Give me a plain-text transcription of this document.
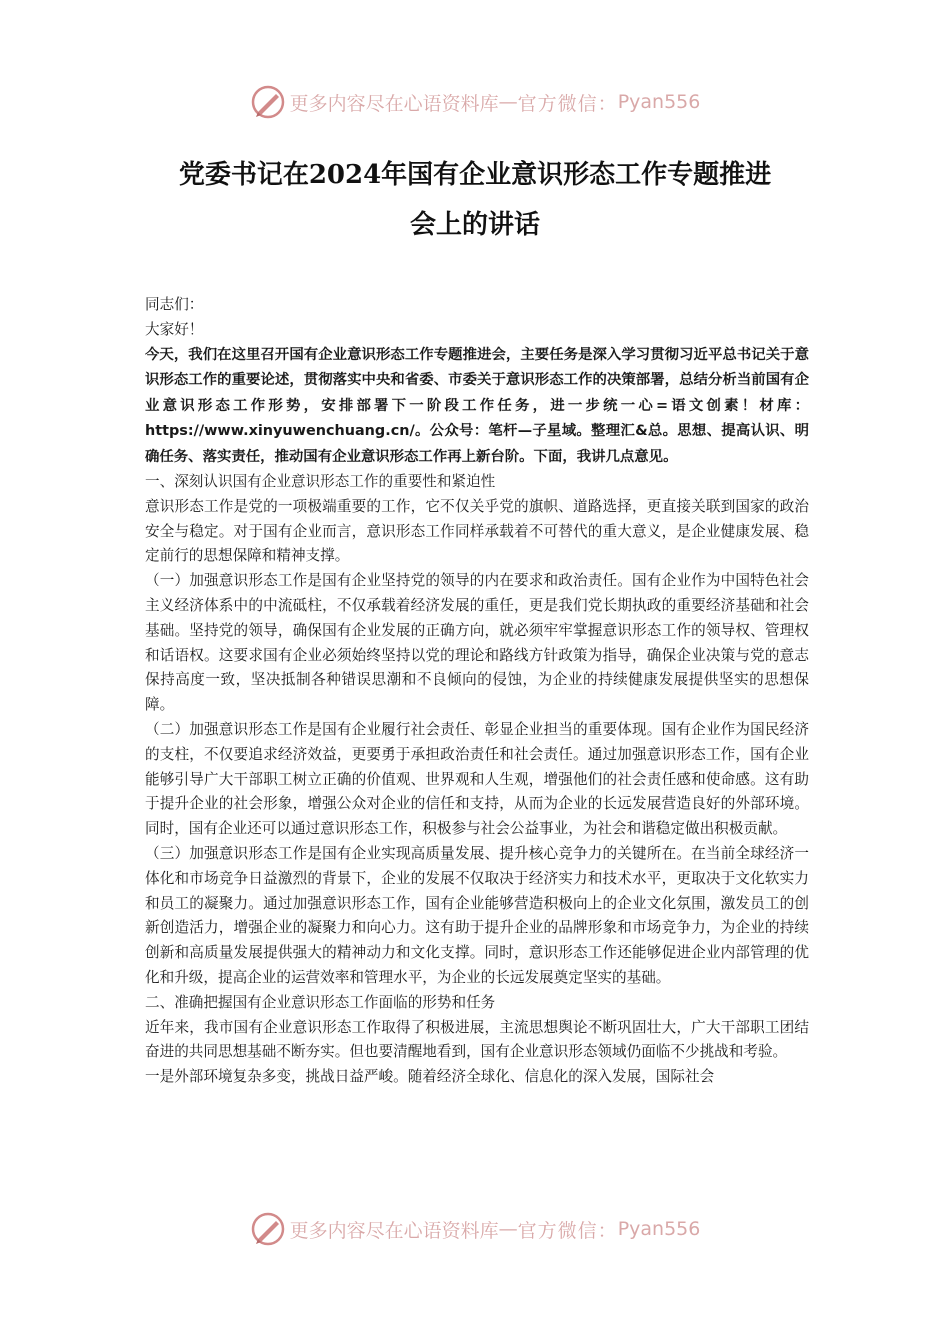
更多内容尽在心语资料库 — 官方微信： Pyan556
党委书记在2024年国有企业意识形态工作专题推进
会上的讲话

同志们：

大家好！

今天，我们在这里召开国有企业意识形态工作专题推进会，主要任务是深入学习贯彻习近平总书记关于意识形态工作的重要论述，贯彻落实中央和省委、市委关于意识形态工作的决策部署，总结分析当前国有企业意识形态工作形势，安排部署下一阶段工作任务，进一步统一心=语文创素！材库：https://www.xinyuwenchuang.cn/。公众号：笔杆—子星域。整理汇&总。思想、提高认识、明确任务、落实责任，推动国有企业意识形态工作再上新台阶。下面，我讲几点意见。

一、深刻认识国有企业意识形态工作的重要性和紧迫性

意识形态工作是党的一项极端重要的工作，它不仅关乎党的旗帜、道路选择，更直接关联到国家的政治安全与稳定。对于国有企业而言，意识形态工作同样承载着不可替代的重大意义，是企业健康发展、稳定前行的思想保障和精神支撑。

（一）加强意识形态工作是国有企业坚持党的领导的内在要求和政治责任。国有企业作为中国特色社会主义经济体系中的中流砥柱，不仅承载着经济发展的重任，更是我们党长期执政的重要经济基础和社会基础。坚持党的领导，确保国有企业发展的正确方向，就必须牢牢掌握意识形态工作的领导权、管理权和话语权。这要求国有企业必须始终坚持以党的理论和路线方针政策为指导，确保企业决策与党的意志保持高度一致，坚决抵制各种错误思潮和不良倾向的侵蚀，为企业的持续健康发展提供坚实的思想保障。

（二）加强意识形态工作是国有企业履行社会责任、彰显企业担当的重要体现。国有企业作为国民经济的支柱，不仅要追求经济效益，更要勇于承担政治责任和社会责任。通过加强意识形态工作，国有企业能够引导广大干部职工树立正确的价值观、世界观和人生观，增强他们的社会责任感和使命感。这有助于提升企业的社会形象，增强公众对企业的信任和支持，从而为企业的长远发展营造良好的外部环境。同时，国有企业还可以通过意识形态工作，积极参与社会公益事业，为社会和谐稳定做出积极贡献。

（三）加强意识形态工作是国有企业实现高质量发展、提升核心竞争力的关键所在。在当前全球经济一体化和市场竞争日益激烈的背景下，企业的发展不仅取决于经济实力和技术水平，更取决于文化软实力和员工的凝聚力。通过加强意识形态工作，国有企业能够营造积极向上的企业文化氛围，激发员工的创新创造活力，增强企业的凝聚力和向心力。这有助于提升企业的品牌形象和市场竞争力，为企业的持续创新和高质量发展提供强大的精神动力和文化支撑。同时，意识形态工作还能够促进企业内部管理的优化和升级，提高企业的运营效率和管理水平，为企业的长远发展奠定坚实的基础。

二、准确把握国有企业意识形态工作面临的形势和任务

近年来，我市国有企业意识形态工作取得了积极进展，主流思想舆论不断巩固壮大，广大干部职工团结奋进的共同思想基础不断夯实。但也要清醒地看到，国有企业意识形态领域仍面临不少挑战和考验。

一是外部环境复杂多变，挑战日益严峻。随着经济全球化、信息化的深入发展，国际社会

更多内容尽在心语资料库 — 官方微信： Pyan556
